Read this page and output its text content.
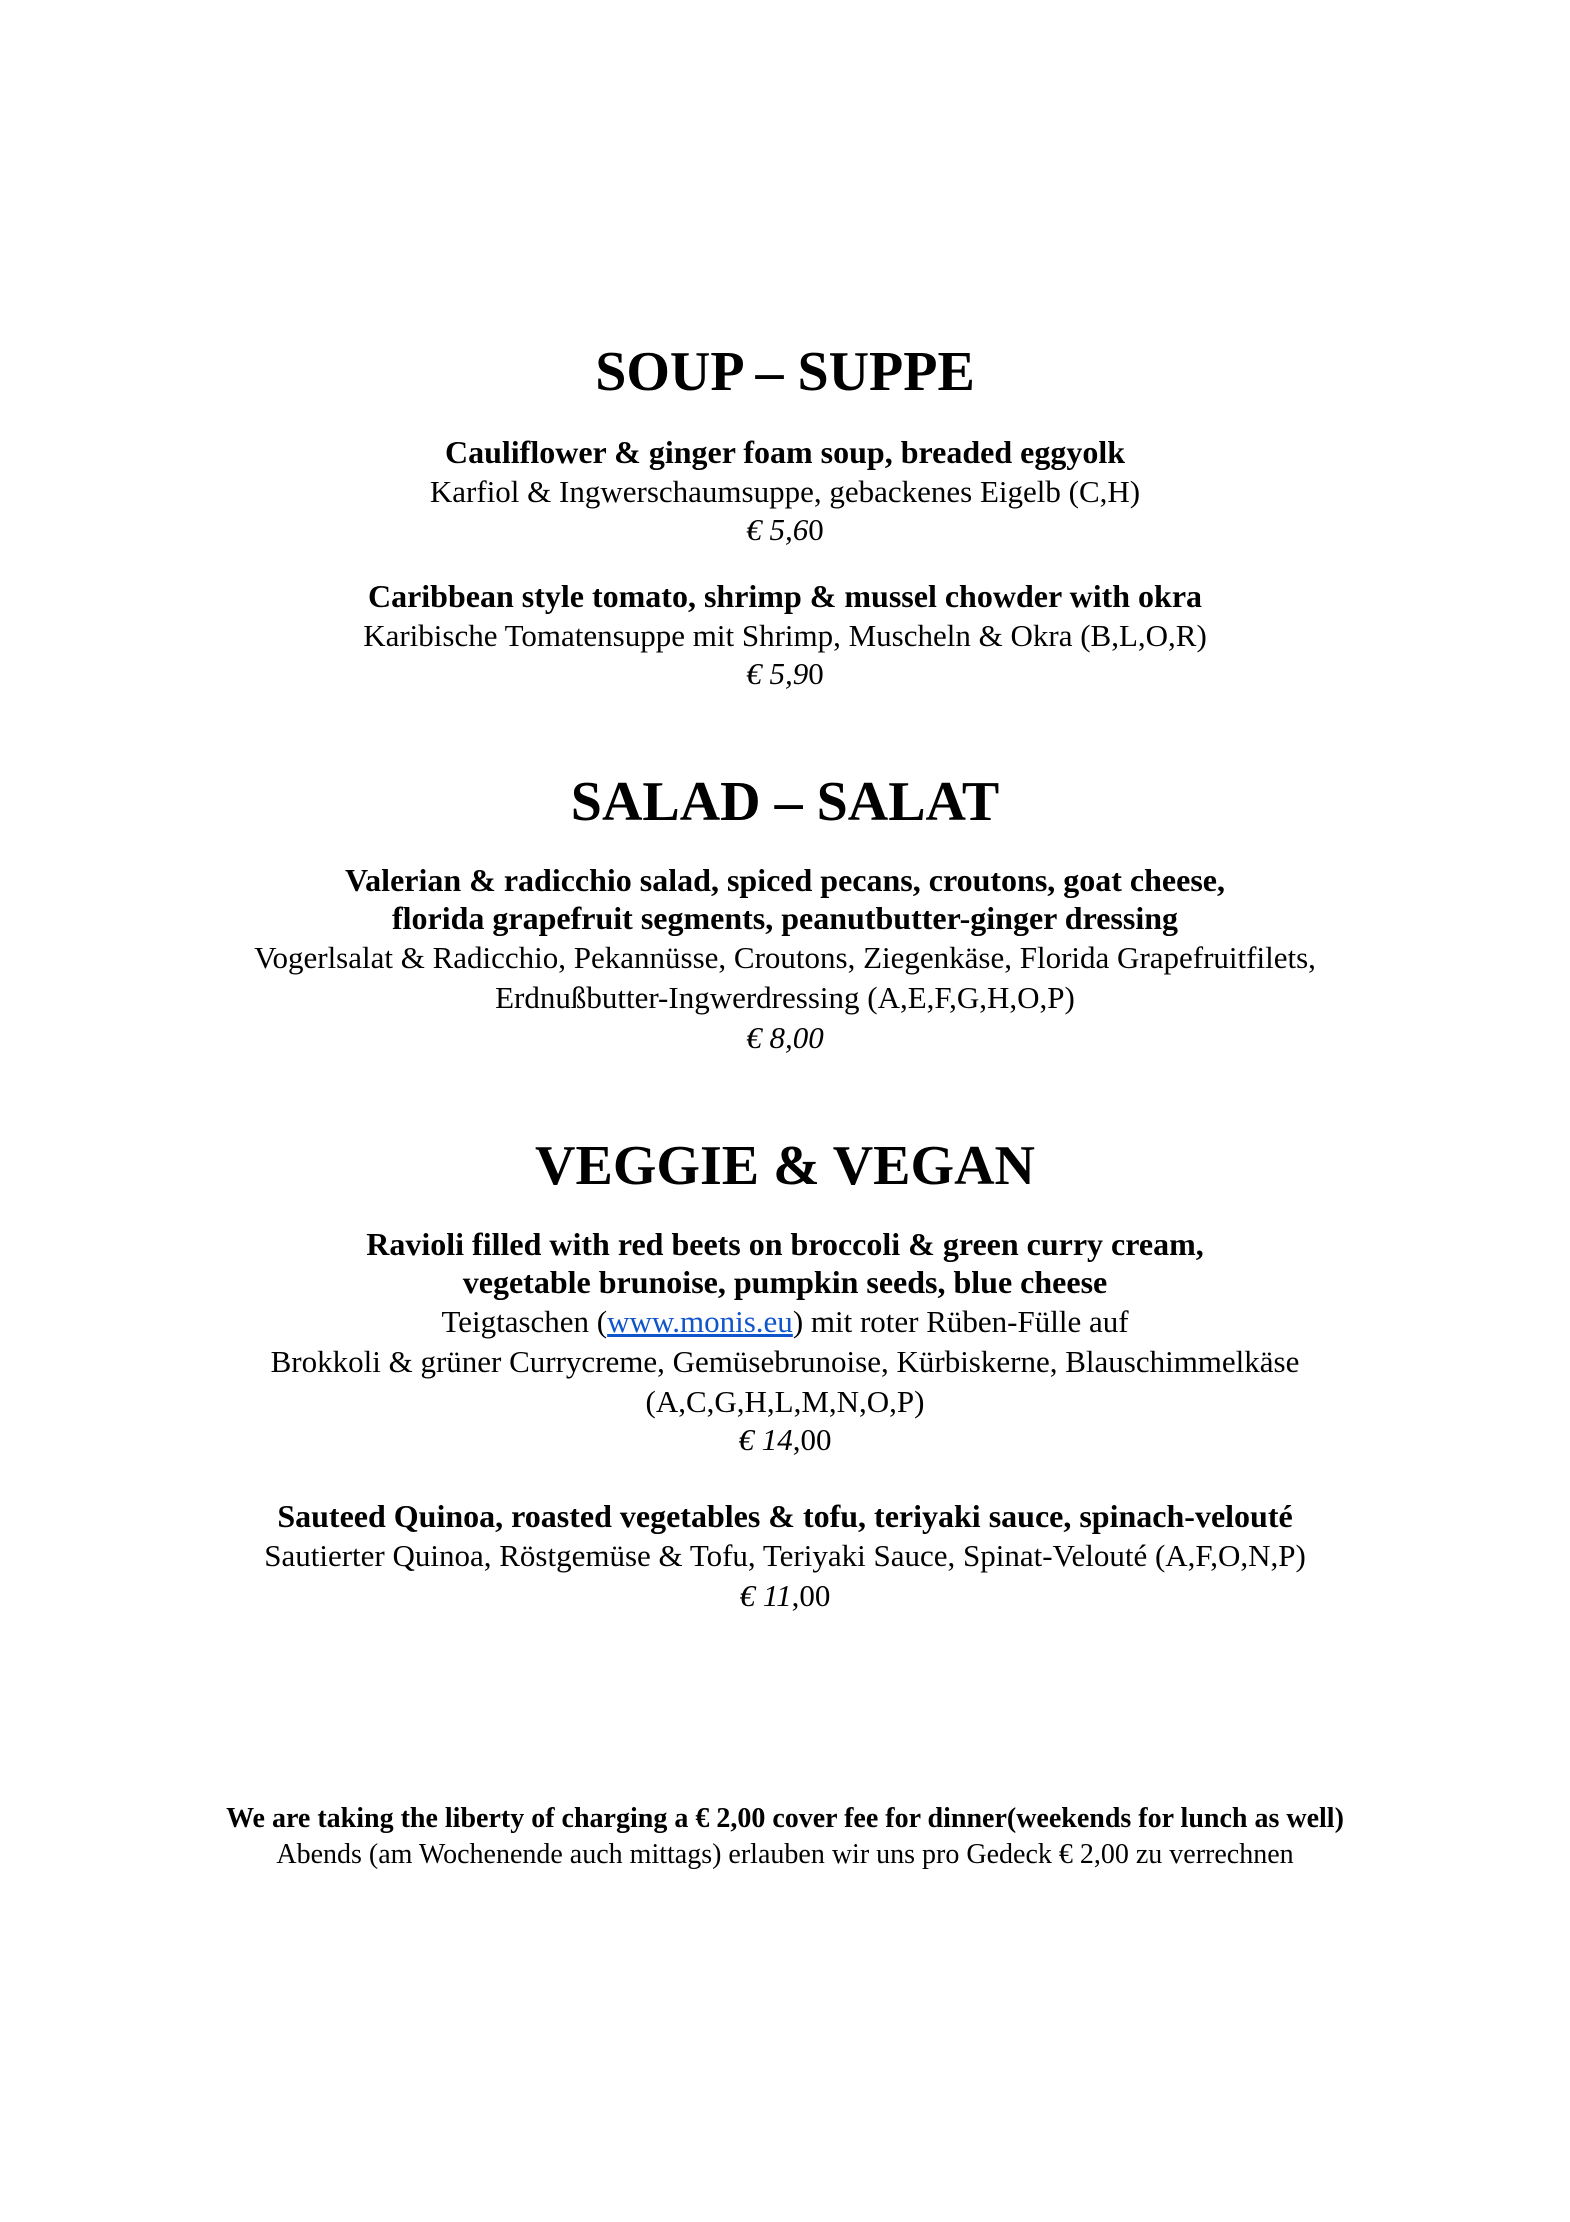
SOUP – SUPPE
Cauliflower & ginger foam soup, breaded eggyolk
Karfiol & Ingwerschaumsuppe, gebackenes Eigelb (C,H)
€ 5,60
Caribbean style tomato, shrimp & mussel chowder with okra
Karibische Tomatensuppe mit Shrimp, Muscheln & Okra (B,L,O,R)
€ 5,90
SALAD – SALAT
Valerian & radicchio salad, spiced pecans, croutons, goat cheese,
florida grapefruit segments, peanutbutter-ginger dressing
Vogerlsalat & Radicchio, Pekannüsse, Croutons, Ziegenkäse, Florida Grapefruitfilets,
Erdnußbutter-Ingwerdressing (A,E,F,G,H,O,P)
€ 8,00
VEGGIE & VEGAN
Ravioli filled with red beets on broccoli & green curry cream,
vegetable brunoise, pumpkin seeds, blue cheese
Teigtaschen (www.monis.eu) mit roter Rüben-Fülle auf
Brokkoli & grüner Currycreme, Gemüsebrunoise, Kürbiskerne, Blauschimmelkäse
(A,C,G,H,L,M,N,O,P)
€ 14,00
Sauteed Quinoa, roasted vegetables & tofu, teriyaki sauce, spinach-velouté
Sautierter Quinoa, Röstgemüse & Tofu, Teriyaki Sauce, Spinat-Velouté (A,F,O,N,P)
€ 11,00
We are taking the liberty of charging a € 2,00 cover fee for dinner(weekends for lunch as well)
Abends (am Wochenende auch mittags) erlauben wir uns pro Gedeck € 2,00 zu verrechnen
